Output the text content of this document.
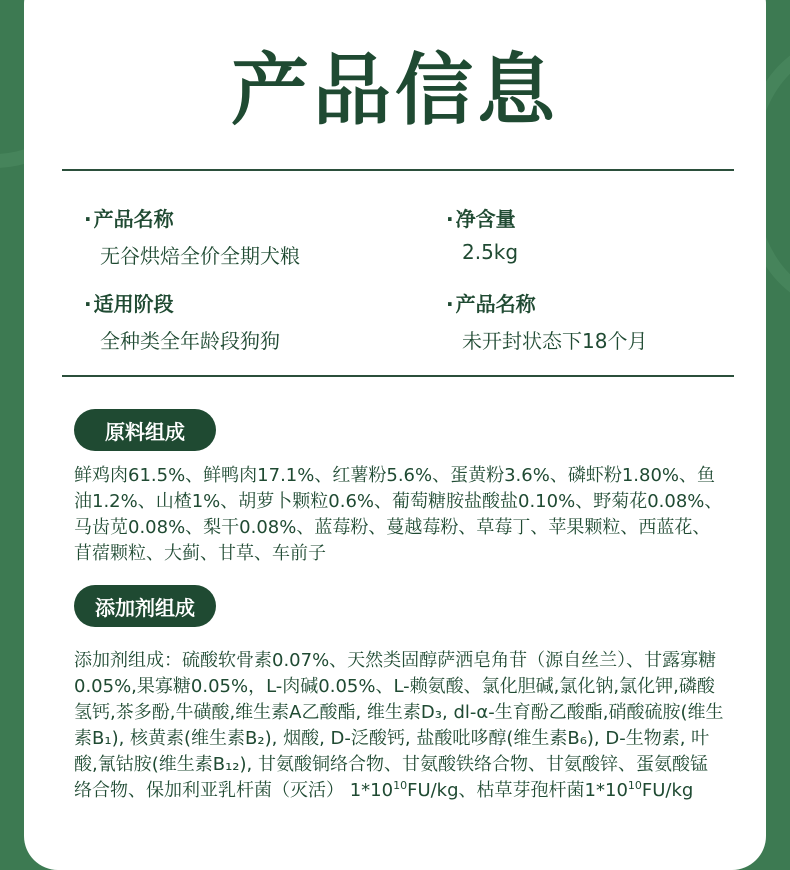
产品信息
· 产品名称
无谷烘焙全价全期犬粮
· 净含量
2.5kg
· 适用阶段
全种类全年龄段狗狗
· 产品名称
未开封状态下18个月
原料组成

鲜鸡肉61.5%、鲜鸭肉17.1%、红薯粉5.6%、蛋黄粉3.6%、磷虾粉1.80%、鱼油1.2%、山楂1%、胡萝卜颗粒0.6%、葡萄糖胺盐酸盐0.10%、野菊花0.08%、马齿苋0.08%、梨干0.08%、蓝莓粉、蔓越莓粉、草莓丁、苹果颗粒、西蓝花、苜蓿颗粒、大蓟、甘草、车前子

添加剂组成

添加剂组成：硫酸软骨素0.07%、天然类固醇萨洒皂角苷（源自丝兰）、甘露寡糖0.05%,果寡糖0.05%，L-肉碱0.05%、L-赖氨酸、氯化胆碱,氯化钠,氯化钾,磷酸氢钙,茶多酚,牛磺酸,维生素A乙酸酯, 维生素D₃, dl-α-生育酚乙酸酯,硝酸硫胺(维生素B₁), 核黄素(维生素B₂), 烟酸, D-泛酸钙, 盐酸吡哆醇(维生素B₆), D-生物素, 叶酸,氰钴胺(维生素B₁₂), 甘氨酸铜络合物、甘氨酸铁络合物、甘氨酸锌、蛋氨酸锰络合物、保加利亚乳杆菌（灭活） $1*10^{10}FU/kg$、枯草芽孢杆菌$1*10^{10}FU/kg$
